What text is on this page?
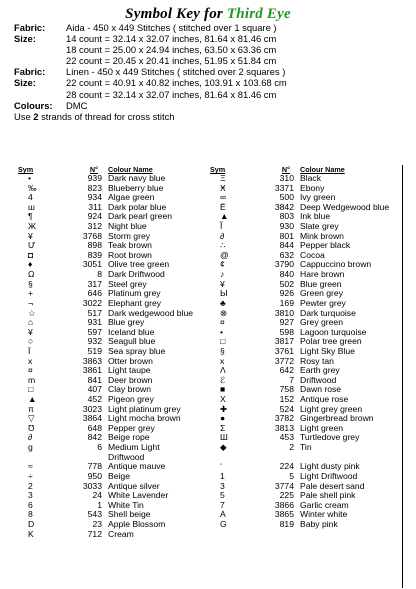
Symbol Key for Third Eye
Fabric:	Aida - 450 x 449 Stitches ( stitched over 1 square )
Size:	14 count = 32.14 x 32.07 inches, 81.64 x 81.46 cm
18 count = 25.00 x 24.94 inches, 63.50 x 63.36 cm
22 count = 20.45 x 20.41 inches, 51.95 x 51.84 cm
Fabric:	Linen - 450 x 449 Stitches ( stitched over 2 squares )
Size:	22 count = 40.91 x 40.82 inches, 103.91 x 103.68 cm
28 count = 32.14 x 32.07 inches, 81.64 x 81.46 cm
Colours:	DMC
Use
2
strands of thread for cross stitch
Sym	N°	Colour Name
•	939 Dark navy blue
‰	823 Blueberry blue
4	934 Algae green
ш	311 Dark polar blue
¶	924 Dark pearl green
Ж	312 Night blue
¥	3768 Storm grey
Ư	898 Teak brown
◘	839 Root brown
♦	3051 Olive tree green
Ω	8 Dark Driftwood
§	317 Steel grey
+	646 Platinum grey
¬	3022 Elephant grey
☆	517 Dark wedgewood blue
⌂	931 Blue grey
¥	597 Iceland blue
○	932 Seagull blue
Ϊ	519 Sea spray blue
х	3863 Otter brown
¤	3861 Light taupe
m	841 Deer brown
□	407 Clay brown
▲	452 Pigeon grey
π	3023 Light platinum grey
▽	3864 Light mocha brown
Ʊ	648 Pepper grey
∂	842 Beige rope
g	6 Medium Light
Driftwood
≈	778 Antique mauve
÷	950 Beige
2	3033 Antique silver
3	24 White Lavender
6	1 White Tin
8	543 Shell beige
D	23 Apple Blossom
K	712 Cream
Sym	N°	Colour Name
Ξ	310 Black
Ӿ	3371 Ebony
∞	500 Ivy green
Ё	3842 Deep Wedgewood blue
▲	803 Ink blue
Ĩ	930 Slate grey
∂	801 Mink brown
∴	844 Pepper black
@	632 Cocoa
¢	3790 Cappuccino brown
♪	840 Hare brown
¥	502 Blue green
Ы	926 Green grey
♣	169 Pewter grey
⊗	3810 Dark turquoise
¤	927 Grey green
•	598 Lagoon turquoise
□	3817 Polar tree green
§	3761 Light Sky Blue
x	3772 Rosy tan
Λ	642 Earth grey
ℰ	7 Driftwood
■	758 Dawn rose
Χ	152 Antique rose
✚	524 Light grey green
●	3782 Gingerbread brown
Σ	3813 Light green
Ш	453 Turtledove grey
◆	2 Tin
‘	224 Light dusty pink
1	5 Light Driftwood
3	3774 Pale desert sand
5	225 Pale shell pink
7	3866 Garlic cream
A	3865 Winter white
G	819 Baby pink
